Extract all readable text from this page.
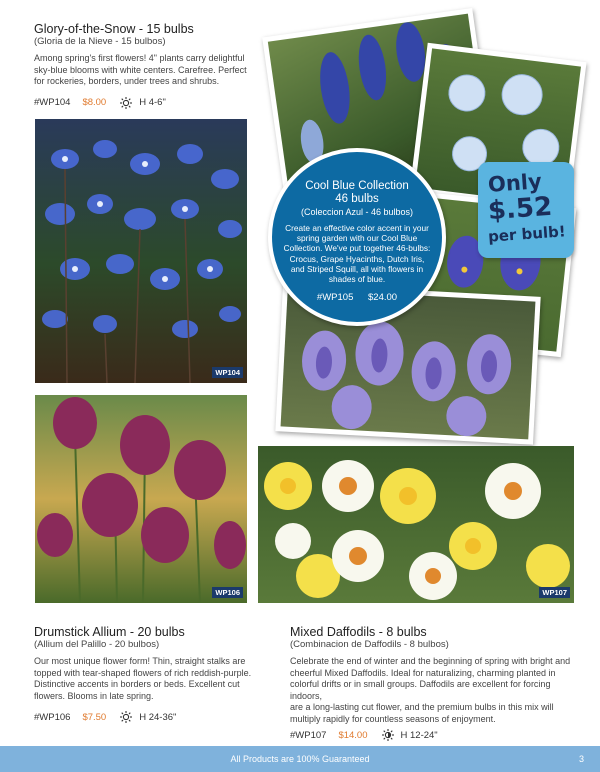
Glory-of-the-Snow - 15 bulbs
(Gloria de la Nieve - 15 bulbos)
Among spring's first flowers! 4" plants carry delightful
sky-blue blooms with white centers. Carefree. Perfect
for rockeries, borders, under trees and shrubs.
#WP104 $8.00	H 4-6"
WP104
Cool Blue Collection
46 bulbs
(Coleccion Azul - 46 bulbos)
Create an effective color accent in your
spring garden with our Cool Blue
Collection. We've put together 46-bulbs:
Crocus, Grape Hyacinths, Dutch Iris,
and Striped Squill, all with flowers in
shades of blue.
#WP105 $24.00
Only
$.52
per bulb!
WP106	WP107
Drumstick Allium - 20 bulbs
(Allium del Palillo - 20 bulbos)
Our most unique flower form! Thin, straight stalks are
topped with tear-shaped flowers of rich reddish-purple.
Distinctive accents in borders or beds. Excellent cut
flowers. Blooms in late spring.
#WP106 $7.50	H 24-36"
Mixed Daffodils - 8 bulbs
(Combinacion de Daffodils - 8 bulbos)
Celebrate the end of winter and the beginning of spring with bright and
cheerful Mixed Daffodils. Ideal for naturalizing, charming planted in
colorful drifts or in small groups. Daffodils are excellent for forcing indoors,
are a long-lasting cut flower, and the premium bulbs in this mix will
multiply rapidly for countless seasons of enjoyment.
#WP107 $14.00	H 12-24"
All Products are 100% Guaranteed	3
